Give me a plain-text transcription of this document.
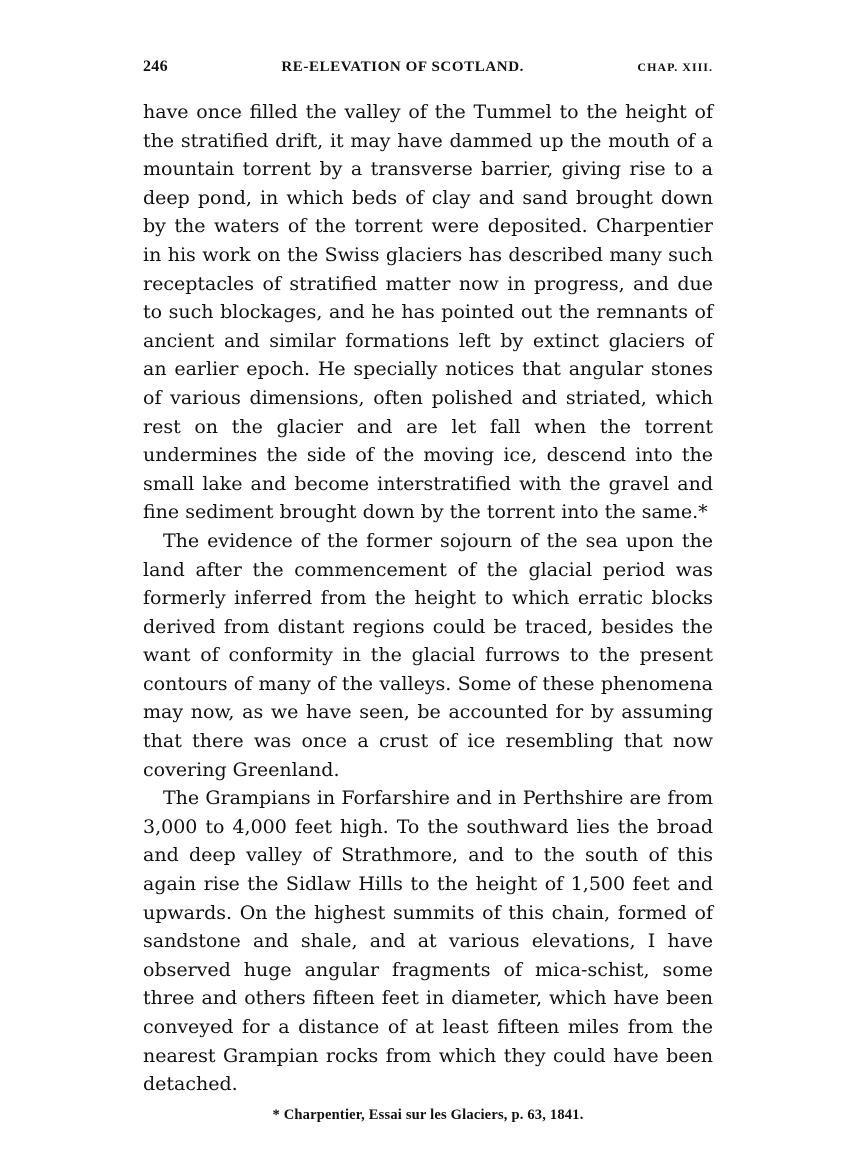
246	RE-ELEVATION OF SCOTLAND.	CHAP. XIII.

have once filled the valley of the Tummel to the height of the stratified drift, it may have dammed up the mouth of a mountain torrent by a transverse barrier, giving rise to a deep pond, in which beds of clay and sand brought down by the waters of the torrent were deposited. Charpentier in his work on the Swiss glaciers has described many such receptacles of stratified matter now in progress, and due to such blockages, and he has pointed out the remnants of ancient and similar formations left by extinct glaciers of an earlier epoch. He specially notices that angular stones of various dimensions, often polished and striated, which rest on the glacier and are let fall when the torrent undermines the side of the moving ice, descend into the small lake and become interstratified with the gravel and fine sediment brought down by the torrent into the same.*

The evidence of the former sojourn of the sea upon the land after the commencement of the glacial period was formerly inferred from the height to which erratic blocks derived from distant regions could be traced, besides the want of conformity in the glacial furrows to the present contours of many of the valleys. Some of these phenomena may now, as we have seen, be accounted for by assuming that there was once a crust of ice resembling that now covering Greenland.

The Grampians in Forfarshire and in Perthshire are from 3,000 to 4,000 feet high. To the southward lies the broad and deep valley of Strathmore, and to the south of this again rise the Sidlaw Hills to the height of 1,500 feet and upwards. On the highest summits of this chain, formed of sandstone and shale, and at various elevations, I have observed huge angular fragments of mica-schist, some three and others fifteen feet in diameter, which have been conveyed for a distance of at least fifteen miles from the nearest Grampian rocks from which they could have been detached.

* Charpentier, Essai sur les Glaciers, p. 63, 1841.
